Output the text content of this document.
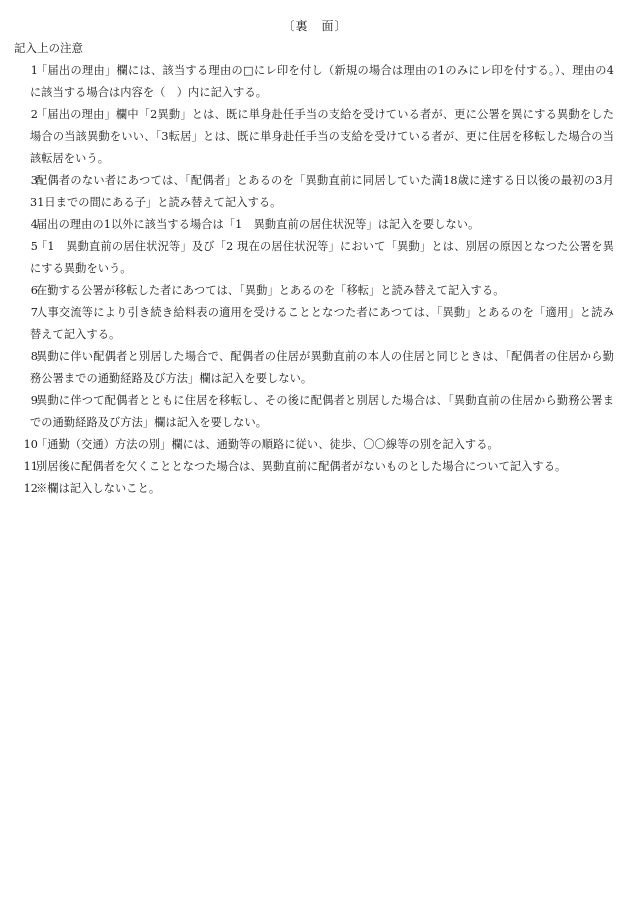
〔裏　面〕
記入上の注意
1
「届出の理由」欄には、該当する理由の□にレ印を付し（新規の場合は理由の1のみにレ印を付する。）、理由の4に該当する場合は内容を（　）内に記入する。
2
「届出の理由」欄中「2異動」とは、既に単身赴任手当の支給を受けている者が、更に公署を異にする異動をした場合の当該異動をいい、「3転居」とは、既に単身赴任手当の支給を受けている者が、更に住居を移転した場合の当該転居をいう。
3
配偶者のない者にあつては、「配偶者」とあるのを「異動直前に同居していた満18歳に達する日以後の最初の3月31日までの間にある子」と読み替えて記入する。
4
届出の理由の1以外に該当する場合は「1　異動直前の居住状況等」は記入を要しない。
5
「1　異動直前の居住状況等」及び「2 現在の居住状況等」において「異動」とは、別居の原因となつた公署を異にする異動をいう。
6
在勤する公署が移転した者にあつては、「異動」とあるのを「移転」と読み替えて記入する。
7
人事交流等により引き続き給料表の適用を受けることとなつた者にあつては、「異動」とあるのを「適用」と読み替えて記入する。
8
異動に伴い配偶者と別居した場合で、配偶者の住居が異動直前の本人の住居と同じときは、「配偶者の住居から勤務公署までの通勤経路及び方法」欄は記入を要しない。
9
異動に伴つて配偶者とともに住居を移転し、その後に配偶者と別居した場合は、「異動直前の住居から勤務公署までの通勤経路及び方法」欄は記入を要しない。
10
「通勤（交通）方法の別」欄には、通勤等の順路に従い、徒歩、〇〇線等の別を記入する。
11
別居後に配偶者を欠くこととなつた場合は、異動直前に配偶者がないものとした場合について記入する。
12
※欄は記入しないこと。
